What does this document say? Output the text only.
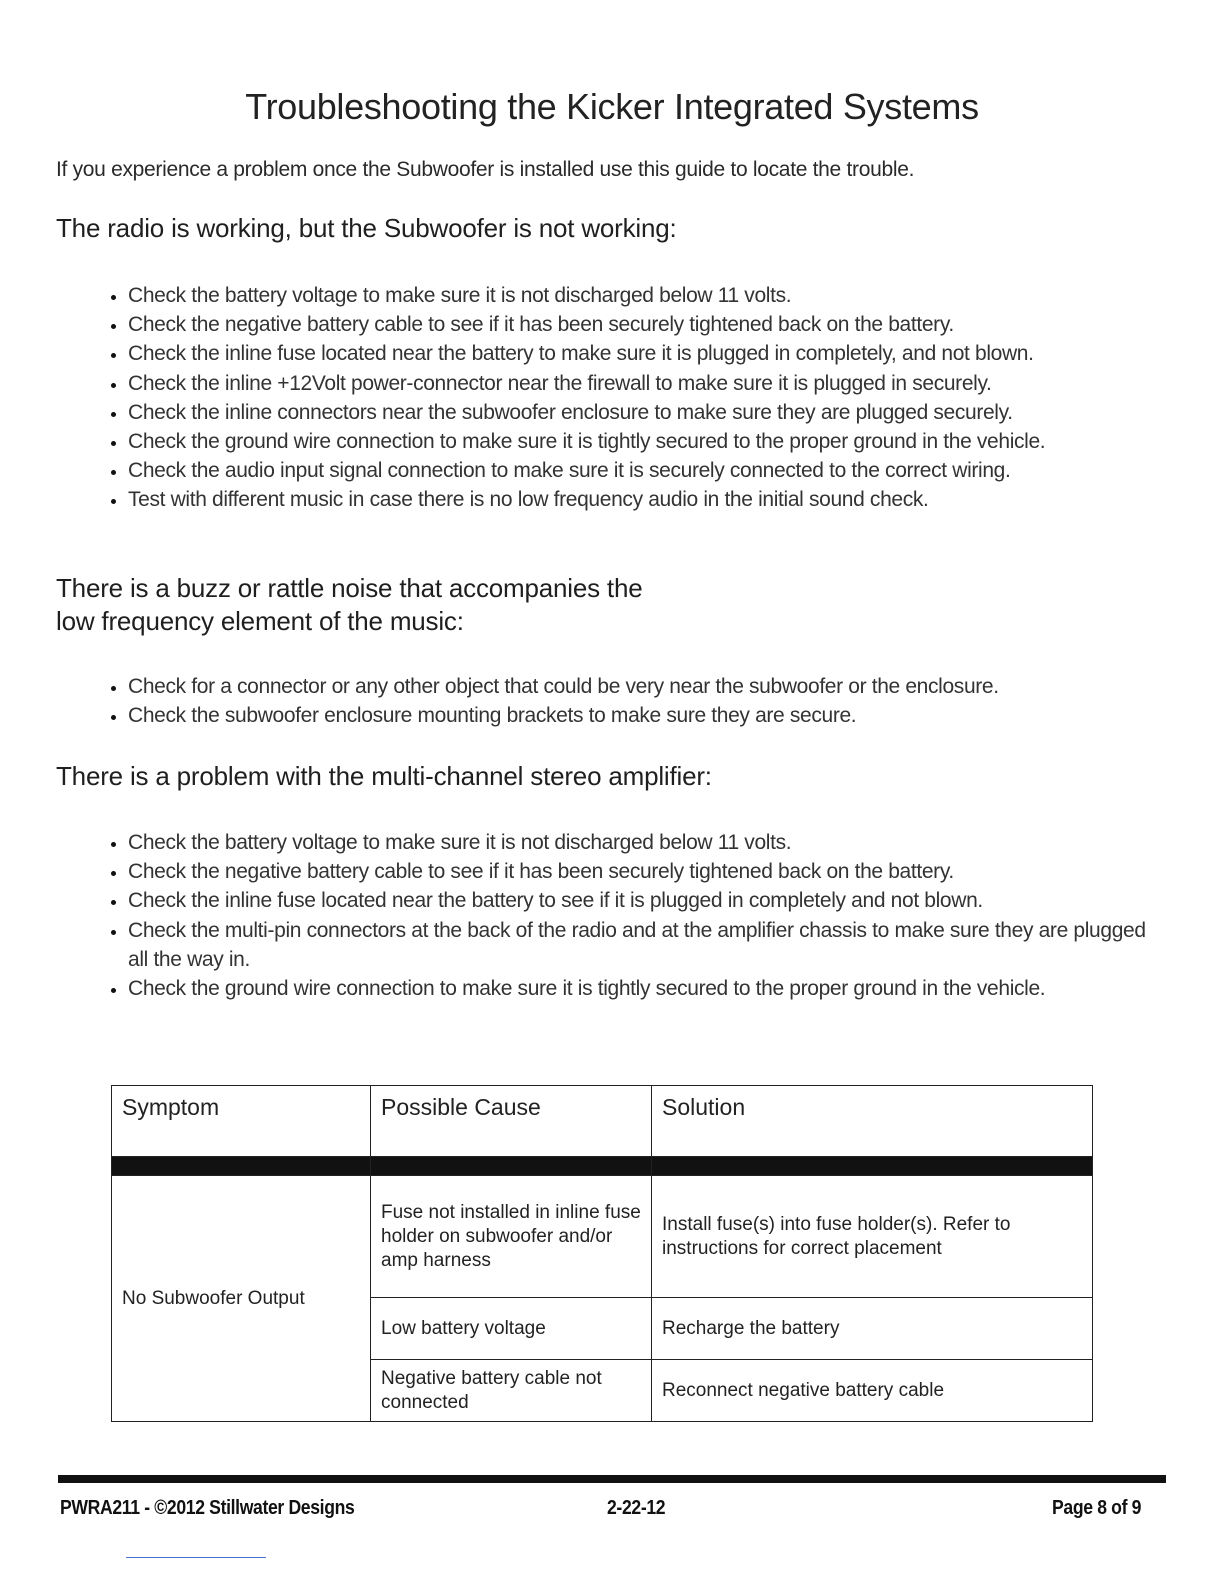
Troubleshooting the Kicker Integrated Systems
If you experience a problem once the Subwoofer is installed use this guide to locate the trouble.
The radio is working, but the Subwoofer is not working:
• Check the battery voltage to make sure it is not discharged below 11 volts.
• Check the negative battery cable to see if it has been securely tightened back on the battery.
• Check the inline fuse located near the battery to make sure it is plugged in completely, and not blown.
• Check the inline +12Volt power-connector near the firewall to make sure it is plugged in securely.
• Check the inline connectors near the subwoofer enclosure to make sure they are plugged securely.
• Check the ground wire connection to make sure it is tightly secured to the proper ground in the vehicle.
• Check the audio input signal connection to make sure it is securely connected to the correct wiring.
• Test with different music in case there is no low frequency audio in the initial sound check.
There is a buzz or rattle noise that accompanies the
low frequency element of the music:
• Check for a connector or any other object that could be very near the subwoofer or the enclosure.
• Check the subwoofer enclosure mounting brackets to make sure they are secure.
There is a problem with the multi-channel stereo amplifier:
• Check the battery voltage to make sure it is not discharged below 11 volts.
• Check the negative battery cable to see if it has been securely tightened back on the battery.
• Check the inline fuse located near the battery to see if it is plugged in completely and not blown.
• Check the multi-pin connectors at the back of the radio and at the amplifier chassis to make sure they are plugged all the way in.
• Check the ground wire connection to make sure it is tightly secured to the proper ground in the vehicle.
Symptom	Possible Cause	Solution

No Subwoofer Output	Fuse not installed in inline fuse holder on subwoofer and/or amp harness	Install fuse(s) into fuse holder(s). Refer to instructions for correct placement
	Low battery voltage	Recharge the battery
	Negative battery cable not connected	Reconnect negative battery cable
PWRA211 - ©2012 Stillwater Designs	2-22-12	Page 8 of 9
